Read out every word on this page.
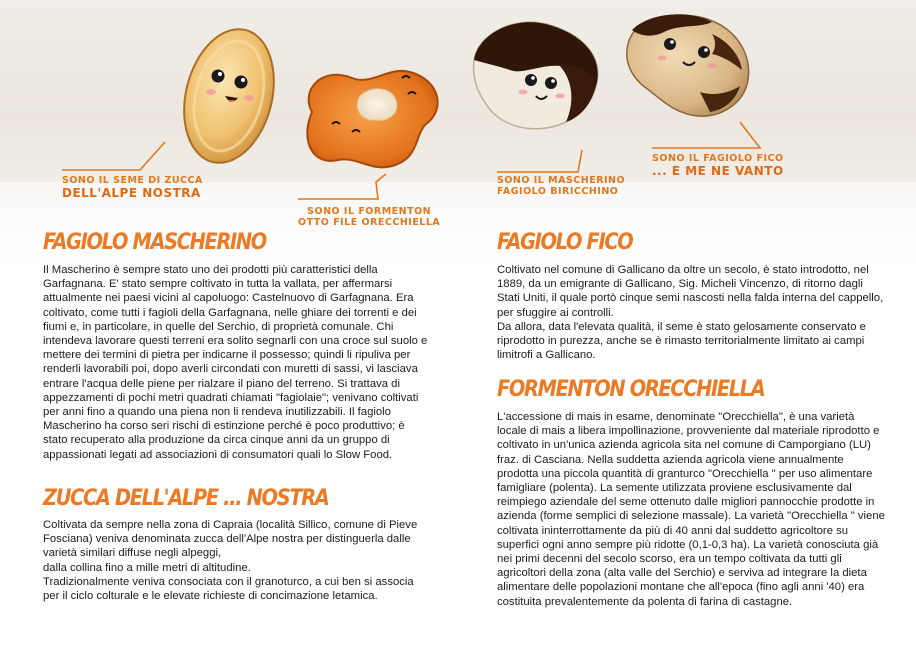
SONO IL SEME DI ZUCCA
DELL'ALPE NOSTRA
SONO IL FORMENTON
OTTO FILE ORECCHIELLA
SONO IL MASCHERINO
FAGIOLO BIRICCHINO
SONO IL FAGIOLO FICO
... E ME NE VANTO
FAGIOLO MASCHERINO

Il Mascherino è sempre stato uno dei prodotti più caratteristici della Garfagnana. E' stato sempre coltivato in tutta la vallata, per affermarsi attualmente nei paesi vicini al capoluogo: Castelnuovo di Garfagnana. Era coltivato, come tutti i fagioli della Garfagnana, nelle ghiare dei torrenti e dei fiumi e, in particolare, in quelle del Serchio, di proprietà comunale. Chi intendeva lavorare questi terreni era solito segnarli con una croce sul suolo e mettere dei termini di pietra per indicarne il possesso; quindi li ripuliva per renderli lavorabili poi, dopo averli circondati con muretti di sassi, vi lasciava entrare l'acqua delle piene per rialzare il piano del terreno. Si trattava di appezzamenti di pochi metri quadrati chiamati "fagiolaie"; venivano coltivati per anni fino a quando una piena non li rendeva inutilizzabili. Il fagiolo Mascherino ha corso seri rischi di estinzione perché è poco produttivo; è stato recuperato alla produzione da circa cinque anni da un gruppo di appassionati legati ad associazioni di consumatori quali lo Slow Food.

ZUCCA DELL'ALPE ... NOSTRA

Coltivata da sempre nella zona di Capraia (località Sillico, comune di Pieve Fosciana) veniva denominata zucca dell'Alpe nostra per distinguerla dalle varietà similari diffuse negli alpeggi,

dalla collina fino a mille metri di altitudine.

Tradizionalmente veniva consociata con il granoturco, a cui ben si associa per il ciclo colturale e le elevate richieste di concimazione letamica.

FAGIOLO FICO

Coltivato nel comune di Gallicano da oltre un secolo, è stato introdotto, nel 1889, da un emigrante di Gallicano, Sig. Micheli Vincenzo, di ritorno dagli Stati Uniti, il quale portò cinque semi nascosti nella falda interna del cappello, per sfuggire ai controlli.

Da allora, data l'elevata qualità, il seme è stato gelosamente conservato e riprodotto in purezza, anche se è rimasto territorialmente limitato ai campi limitrofi a Gallicano.

FORMENTON ORECCHIELLA

L'accessione di mais in esame, denominate "Orecchiella", è una varietà locale di mais a libera impollinazione, provveniente dal materiale riprodotto e coltivato in un'unica azienda agricola sita nel comune di Camporgiano (LU) fraz. di Casciana. Nella suddetta azienda agricola viene annualmente prodotta una piccola quantità di granturco "Orecchiella " per uso alimentare famigliare (polenta). La semente utilizzata proviene esclusivamente dal reimpiego aziendale del seme ottenuto dalle migliori pannocchie prodotte in azienda (forme semplici di selezione massale). La varietà "Orecchiella " viene coltivata ininterrottamente da più di 40 anni dal suddetto agricoltore su superfici ogni anno sempre più ridotte (0,1-0,3 ha). La varietà conosciuta già nei primi decenni del secolo scorso, era un tempo coltivata da tutti gli agricoltori della zona (alta valle del Serchio) e serviva ad integrare la dieta alimentare delle popolazioni montane che all'epoca (fino agli anni '40) era costituita prevalentemente da polenta di farina di castagne.
